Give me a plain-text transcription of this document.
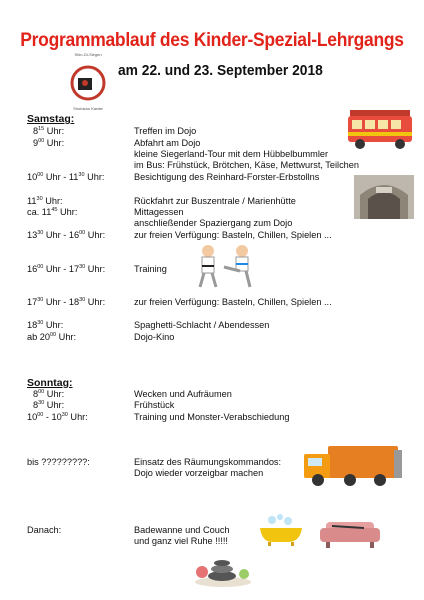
Programmablauf des Kinder-Spezial-Lehrgangs
am 22. und 23. September 2018
Shin-Gi-Siegen
Shotokan Karate
Samstag:
$8^{15}$ Uhr:	Treffen im Dojo
$9^{00}$ Uhr:	Abfahrt am Dojo
kleine Siegerland-Tour mit dem Hübbelbummler
im Bus: Frühstück, Brötchen, Käse, Mettwurst, Teilchen
$10^{00}$ Uhr - $11^{30}$ Uhr:	Besichtigung des Reinhard-Forster-Erbstollns
$11^{30}$ Uhr:	Rückfahrt zur Buszentrale / Marienhütte
ca. $11^{45}$ Uhr:	Mittagessen
anschließender Spaziergang zum Dojo
$13^{30}$ Uhr - $16^{00}$ Uhr:	zur freien Verfügung: Basteln, Chillen, Spielen ...
$16^{00}$ Uhr - $17^{30}$ Uhr:	Training
$17^{30}$ Uhr - $18^{30}$ Uhr:	zur freien Verfügung: Basteln, Chillen, Spielen ...
$18^{30}$ Uhr:	Spaghetti-Schlacht / Abendessen
ab $20^{00}$ Uhr:	Dojo-Kino
Sonntag:
$8^{00}$ Uhr:	Wecken und Aufräumen
$8^{30}$ Uhr:	Frühstück
$10^{00} - 10^{30}$ Uhr:	Training und Monster-Verabschiedung
bis ?????????:	Einsatz des Räumungskommandos:
Dojo wieder vorzeigbar machen
Danach:	Badewanne und Couch
und ganz viel Ruhe !!!!!
